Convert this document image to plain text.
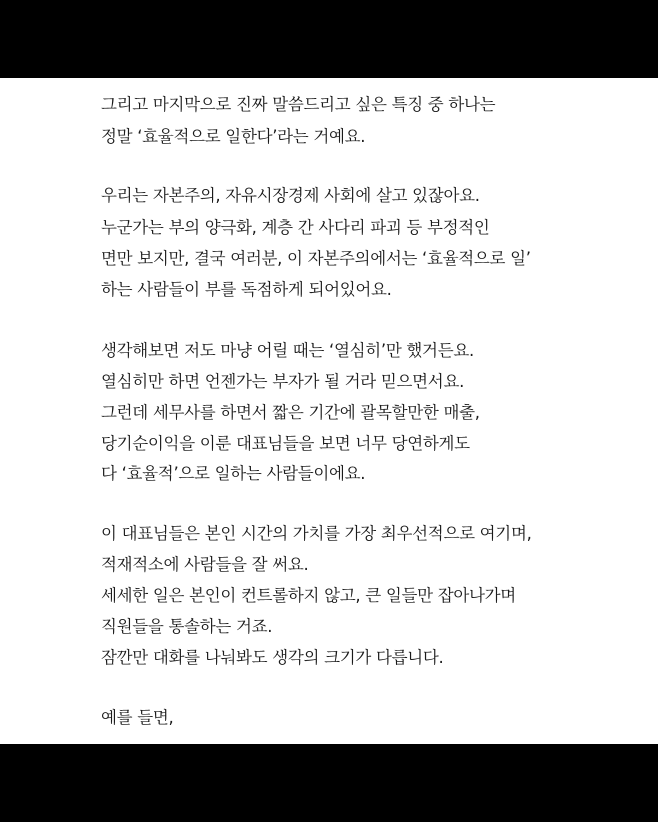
그리고 마지막으로 진짜 말씀드리고 싶은 특징 중 하나는
정말 ‘효율적으로 일한다’라는 거예요.
우리는 자본주의, 자유시장경제 사회에 살고 있잖아요.
누군가는 부의 양극화, 계층 간 사다리 파괴 등 부정적인
면만 보지만, 결국 여러분, 이 자본주의에서는 ‘효율적으로 일’
하는 사람들이 부를 독점하게 되어있어요.
생각해보면 저도 마냥 어릴 때는 ‘열심히’만 했거든요.
열심히만 하면 언젠가는 부자가 될 거라 믿으면서요.
그런데 세무사를 하면서 짧은 기간에 괄목할만한 매출,
당기순이익을 이룬 대표님들을 보면 너무 당연하게도
다 ‘효율적’으로 일하는 사람들이에요.
이 대표님들은 본인 시간의 가치를 가장 최우선적으로 여기며,
적재적소에 사람들을 잘 써요.
세세한 일은 본인이 컨트롤하지 않고, 큰 일들만 잡아나가며
직원들을 통솔하는 거죠.
잠깐만 대화를 나눠봐도 생각의 크기가 다릅니다.
예를 들면,
